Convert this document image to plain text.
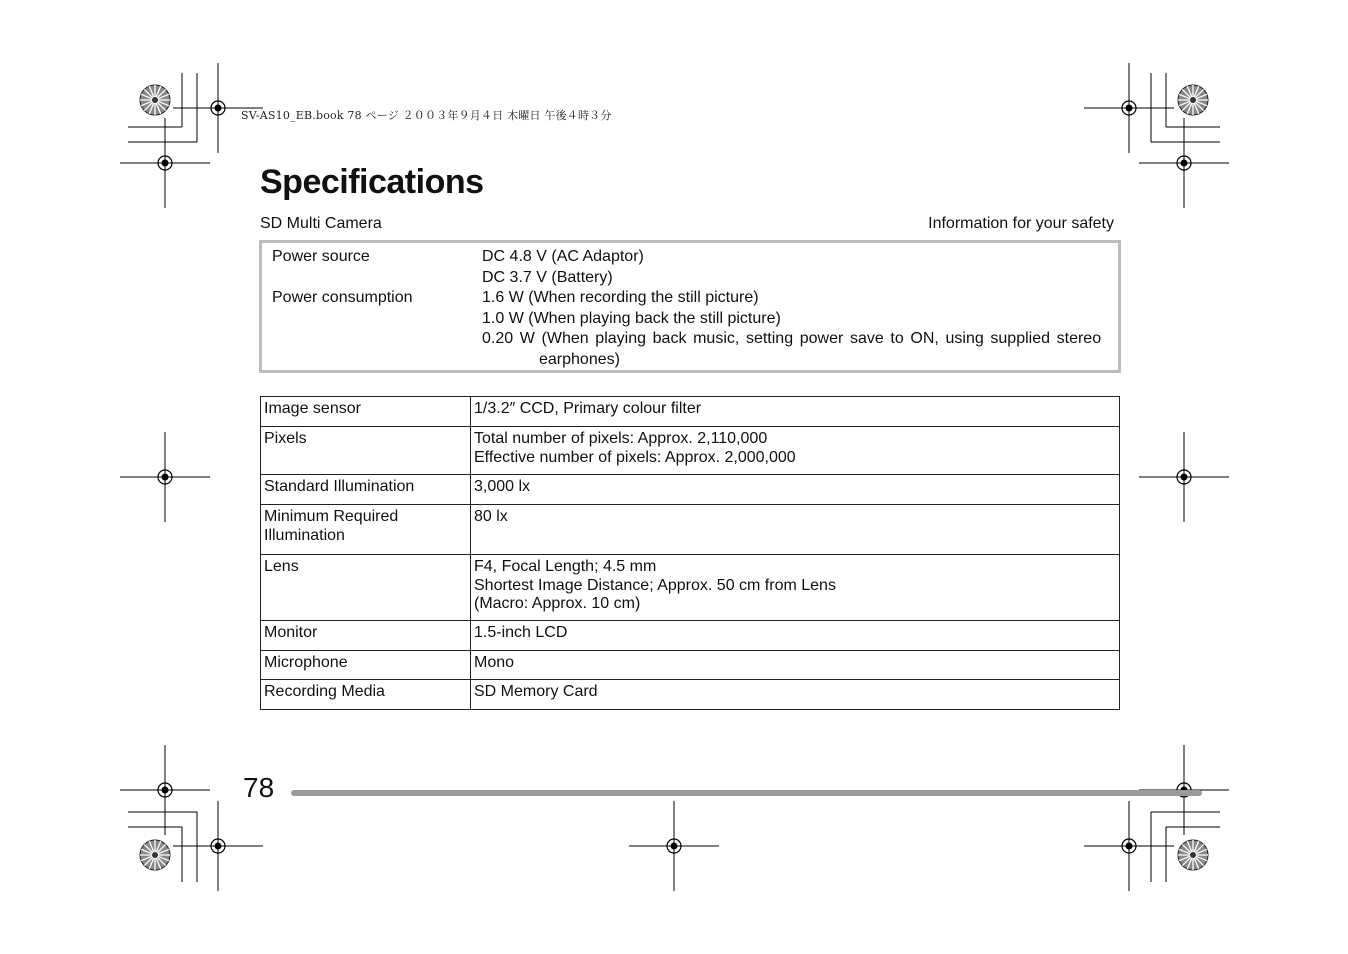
SV-AS10_EB.book 78 ページ ２００３年９月４日 木曜日 午後４時３分
Specifications
SD Multi Camera	Information for your safety
Power source	DC 4.8 V (AC Adaptor)
DC 3.7 V (Battery)
Power consumption	1.6 W (When recording the still picture)
1.0 W (When playing back the still picture)
0.20 W (When playing back music, setting power save to ON, using supplied stereo
earphones)
Image sensor	1/3.2″ CCD, Primary colour filter

Pixels	Total number of pixels: Approx. 2,110,000
Effective number of pixels: Approx. 2,000,000

Standard Illumination	3,000 lx

Minimum Required
Illumination	80 lx

Lens	F4, Focal Length; 4.5 mm
Shortest Image Distance; Approx. 50 cm from Lens
(Macro: Approx. 10 cm)

Monitor	1.5-inch LCD

Microphone	Mono

Recording Media	SD Memory Card
78
